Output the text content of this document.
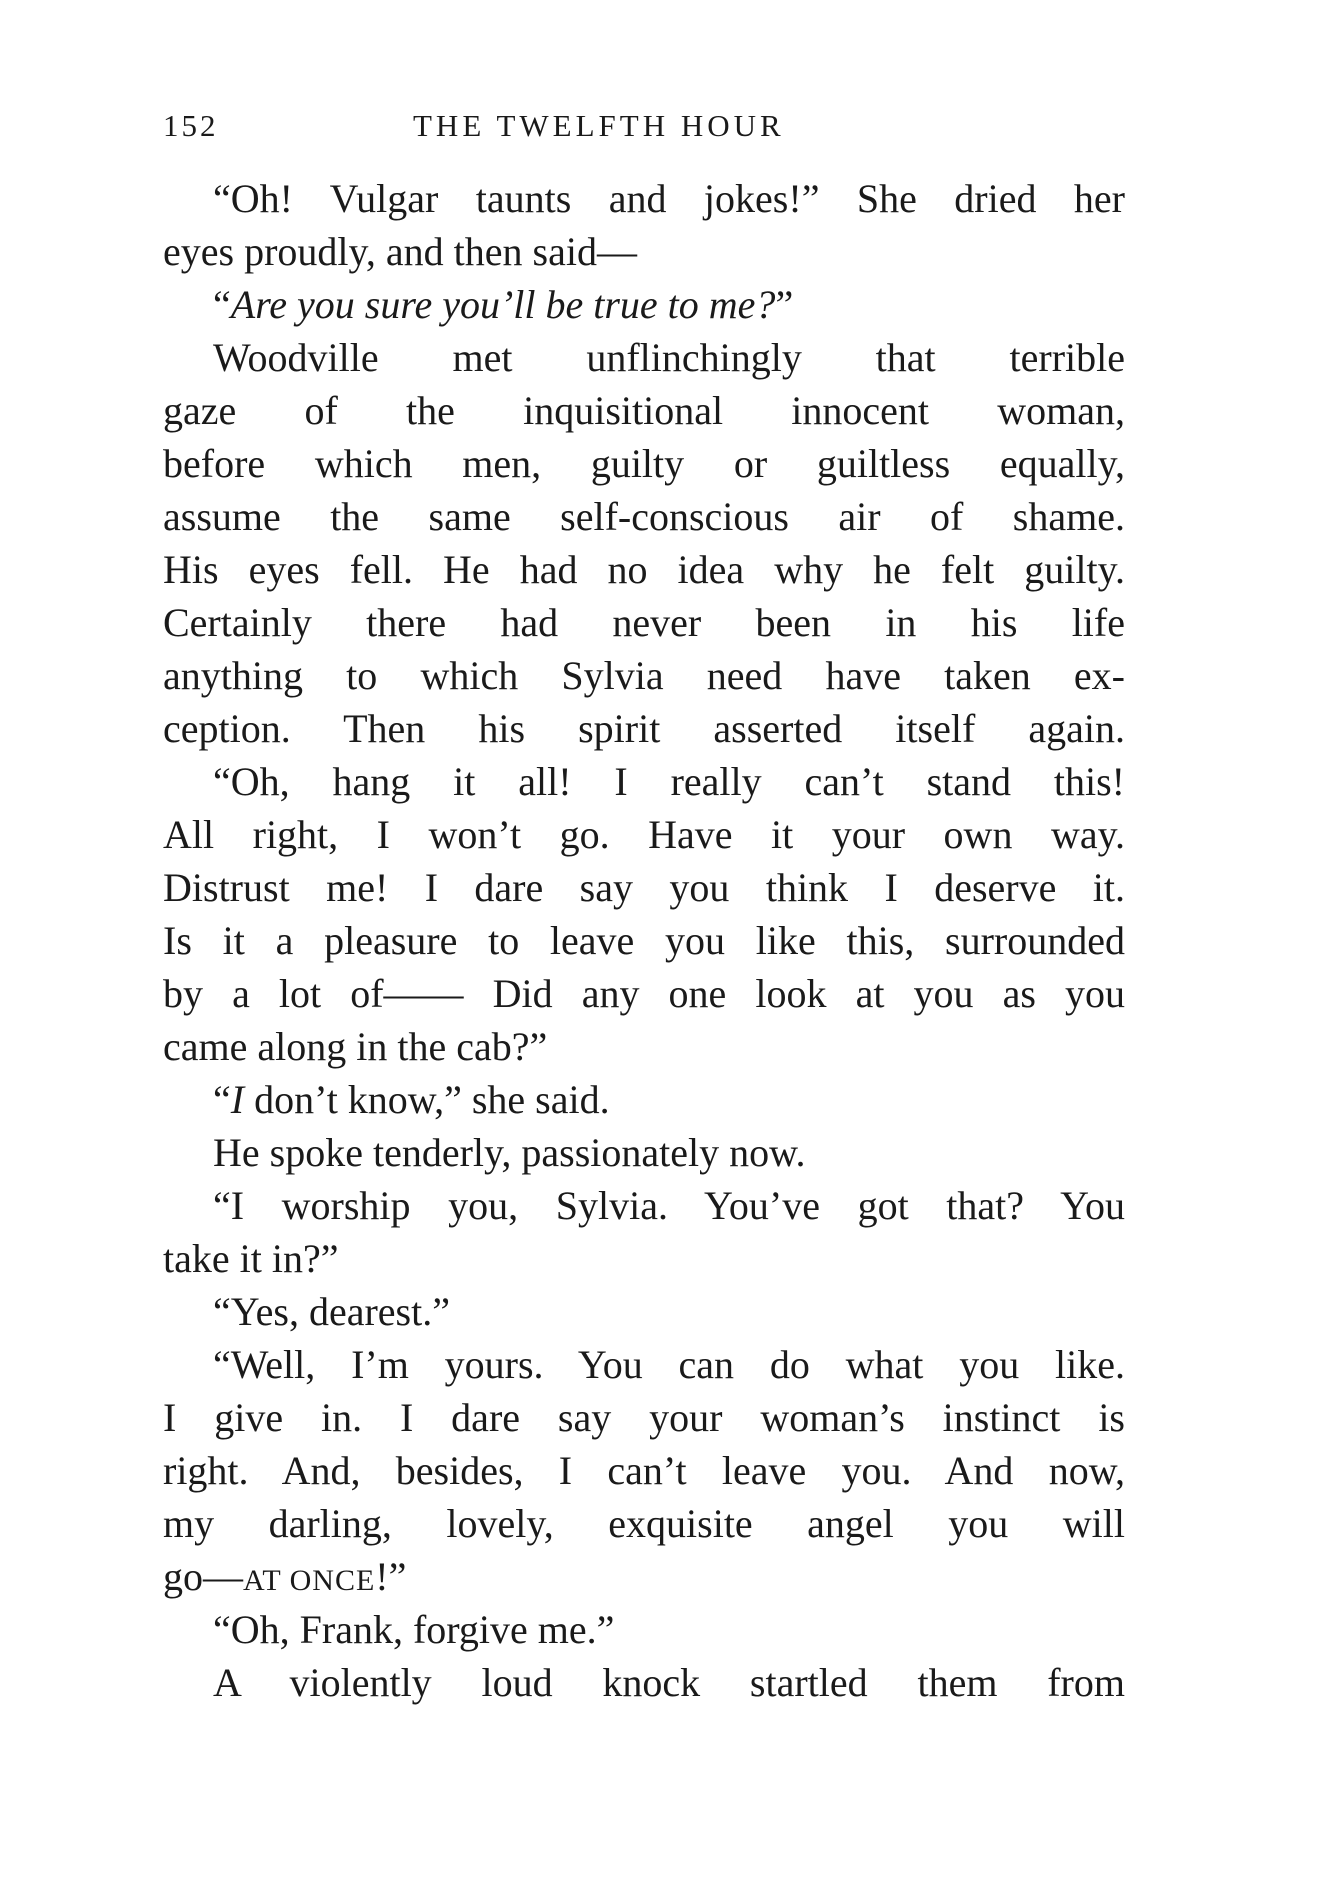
152	THE TWELFTH HOUR
“Oh! Vulgar taunts and jokes!” She dried her
eyes proudly, and then said—
“Are you sure you’ll be true to me?”
Woodville met unflinchingly that terrible
gaze of the inquisitional innocent woman,
before which men, guilty or guiltless equally,
assume the same self-conscious air of shame.
His eyes fell. He had no idea why he felt guilty.
Certainly there had never been in his life
anything to which Sylvia need have taken ex-
ception. Then his spirit asserted itself again.
“Oh, hang it all! I really can’t stand this!
All right, I won’t go. Have it your own way.
Distrust me! I dare say you think I deserve it.
Is it a pleasure to leave you like this, surrounded
by a lot of—— Did any one look at you as you
came along in the cab?”
“I don’t know,” she said.
He spoke tenderly, passionately now.
“I worship you, Sylvia. You’ve got that? You
take it in?”
“Yes, dearest.”
“Well, I’m yours. You can do what you like.
I give in. I dare say your woman’s instinct is
right. And, besides, I can’t leave you. And now,
my darling, lovely, exquisite angel you will
go—AT ONCE!”
“Oh, Frank, forgive me.”
A violently loud knock startled them from
